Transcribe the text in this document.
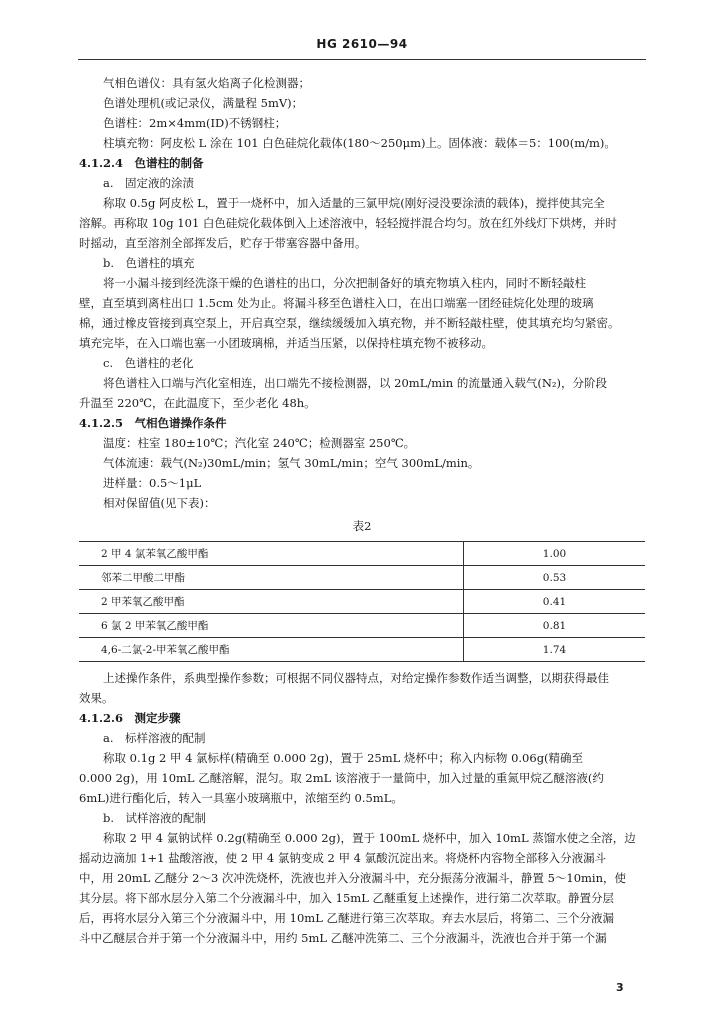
HG 2610—94
气相色谱仪：具有氢火焰离子化检测器；
色谱处理机(或记录仪，满量程 5mV)；
色谱柱：2m×4mm(ID)不锈钢柱；
柱填充物：阿皮松 L 涂在 101 白色硅烷化载体(180～250μm)上。固体液：载体＝5：100(m/m)。
4.1.2.4　色谱柱的制备
a.　固定液的涂渍
称取 0.5g 阿皮松 L，置于一烧杯中，加入适量的三氯甲烷(刚好浸没要涂渍的载体)，搅拌使其完全
溶解。再称取 10g 101 白色硅烷化载体倒入上述溶液中，轻轻搅拌混合均匀。放在红外线灯下烘烤，并时
时摇动，直至溶剂全部挥发后，贮存于带塞容器中备用。
b.　色谱柱的填充
将一小漏斗接到经洗涤干燥的色谱柱的出口，分次把制备好的填充物填入柱内，同时不断轻敲柱
壁，直至填到离柱出口 1.5cm 处为止。将漏斗移至色谱柱入口，在出口端塞一团经硅烷化处理的玻璃
棉，通过橡皮管接到真空泵上，开启真空泵，继续缓缓加入填充物，并不断轻敲柱壁，使其填充均匀紧密。
填充完毕，在入口端也塞一小团玻璃棉，并适当压紧，以保持柱填充物不被移动。
c.　色谱柱的老化
将色谱柱入口端与汽化室相连，出口端先不接检测器，以 20mL/min 的流量通入载气(N₂)，分阶段
升温至 220℃，在此温度下，至少老化 48h。
4.1.2.5　气相色谱操作条件
温度：柱室 180±10℃；汽化室 240℃；检测器室 250℃。
气体流速：载气(N₂)30mL/min；氢气 30mL/min；空气 300mL/min。
进样量：0.5～1μL
相对保留值(见下表)：
表2
2 甲 4 氯苯氧乙酸甲酯	1.00
邻苯二甲酸二甲酯	0.53
2 甲苯氧乙酸甲酯	0.41
6 氯 2 甲苯氧乙酸甲酯	0.81
4,6-二氯-2-甲苯氧乙酸甲酯	1.74
上述操作条件，系典型操作参数；可根据不同仪器特点，对给定操作参数作适当调整，以期获得最佳
效果。
4.1.2.6　测定步骤
a.　标样溶液的配制
称取 0.1g 2 甲 4 氯标样(精确至 0.000 2g)，置于 25mL 烧杯中；称入内标物 0.06g(精确至
0.000 2g)，用 10mL 乙醚溶解，混匀。取 2mL 该溶液于一量筒中，加入过量的重氮甲烷乙醚溶液(约
6mL)进行酯化后，转入一具塞小玻璃瓶中，浓缩至约 0.5mL。
b.　试样溶液的配制
称取 2 甲 4 氯钠试样 0.2g(精确至 0.000 2g)，置于 100mL 烧杯中，加入 10mL 蒸馏水使之全溶，边
摇动边滴加 1+1 盐酸溶液，使 2 甲 4 氯钠变成 2 甲 4 氯酸沉淀出来。将烧杯内容物全部移入分液漏斗
中，用 20mL 乙醚分 2～3 次冲洗烧杯，洗液也并入分液漏斗中，充分振荡分液漏斗，静置 5～10min，使
其分层。将下部水层分入第二个分液漏斗中，加入 15mL 乙醚重复上述操作，进行第二次萃取。静置分层
后，再将水层分入第三个分液漏斗中，用 10mL 乙醚进行第三次萃取。弃去水层后，将第二、三个分液漏
斗中乙醚层合并于第一个分液漏斗中，用约 5mL 乙醚冲洗第二、三个分液漏斗，洗液也合并于第一个漏
3
